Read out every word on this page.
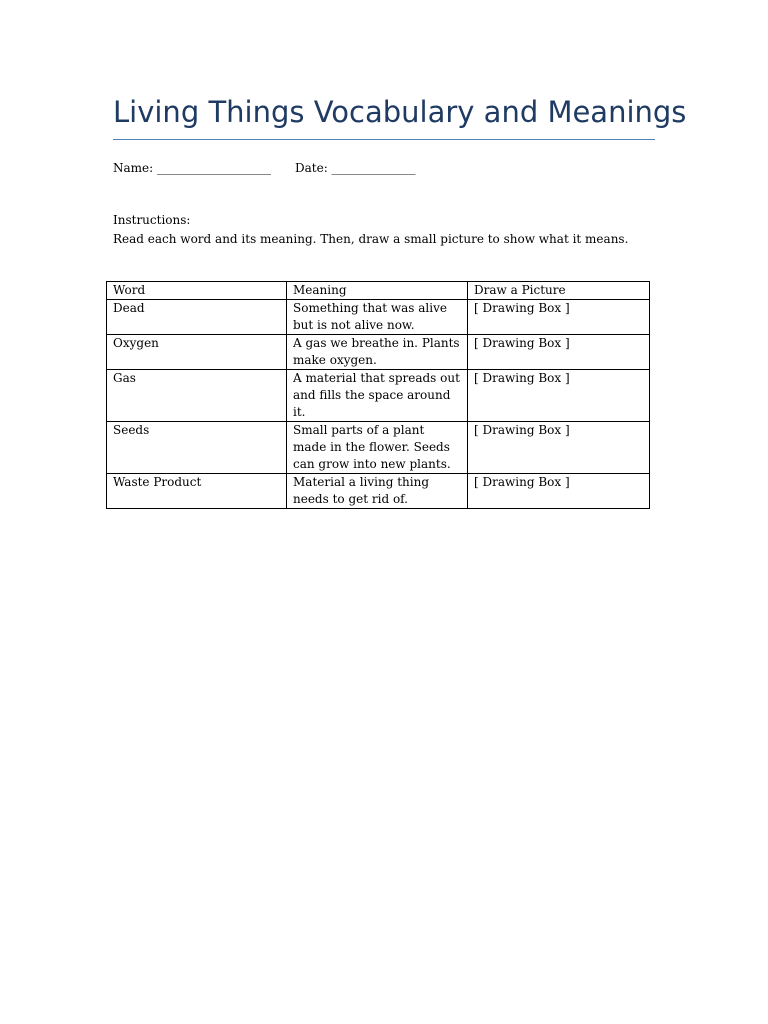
Living Things Vocabulary and Meanings
Name: ___________________ Date: ______________
Instructions:
Read each word and its meaning. Then, draw a small picture to show what it means.
Word	Meaning	Draw a Picture
Dead	Something that was alive but is not alive now.	[ Drawing Box ]
Oxygen	A gas we breathe in. Plants make oxygen.	[ Drawing Box ]
Gas	A material that spreads out and fills the space around it.	[ Drawing Box ]
Seeds	Small parts of a plant made in the flower. Seeds can grow into new plants.	[ Drawing Box ]
Waste Product	Material a living thing needs to get rid of.	[ Drawing Box ]
